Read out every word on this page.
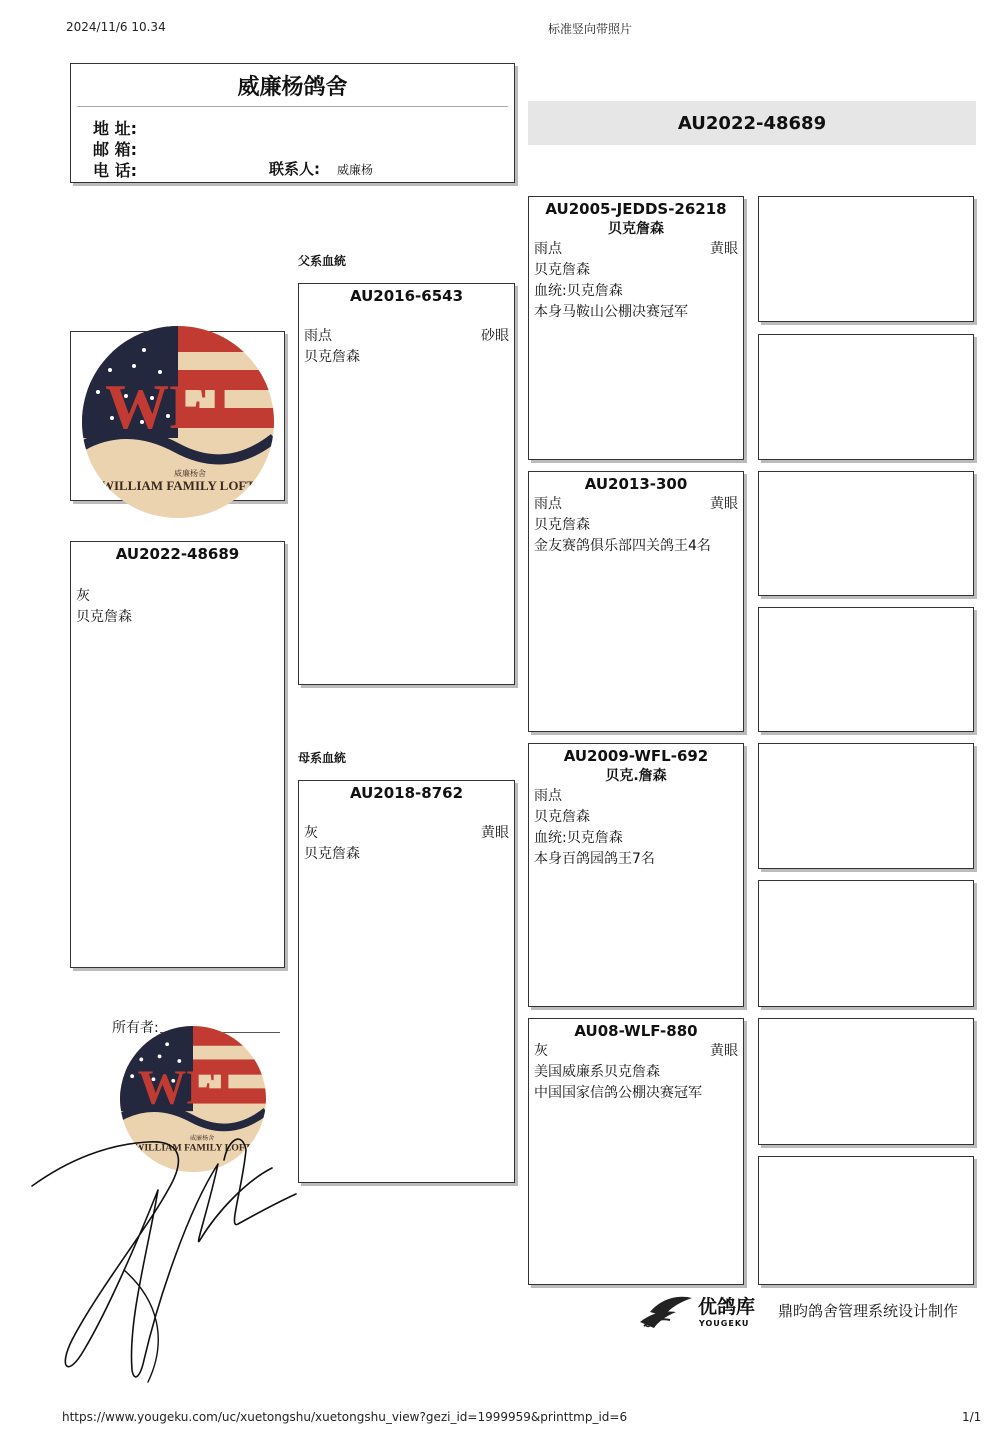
2024/11/6 10.34	标准竖向带照片
威廉杨鸽舍
地 址:
邮 箱:
电 话:	联系人: 威廉杨
AU2022-48689
父系血統
母系血統
WFL
WILLIAM FAMILY LOFT
威廉杨舍
AU2022-48689
灰
贝克詹森
AU2016-6543
雨点	砂眼
贝克詹森
AU2018-8762
灰	黄眼
贝克詹森
AU2005-JEDDS-26218
贝克詹森
雨点	黄眼
贝克詹森
血统:贝克詹森
本身马鞍山公棚决赛冠军
AU2013-300
雨点	黄眼
贝克詹森
金友赛鸽俱乐部四关鸽王4名
AU2009-WFL-692
贝克.詹森
雨点
贝克詹森
血统:贝克詹森
本身百鸽园鸽王7名
AU08-WLF-880
灰	黄眼
美国威廉系贝克詹森
中国国家信鸽公棚决赛冠军
所有者:
WFL
WILLIAM FAMILY LOFT
威廉杨舍
优鸽库
YOUGEKU
鼎昀鸽舍管理系统设计制作
https://www.yougeku.com/uc/xuetongshu/xuetongshu_view?gezi_id=1999959&printtmp_id=6	1/1
